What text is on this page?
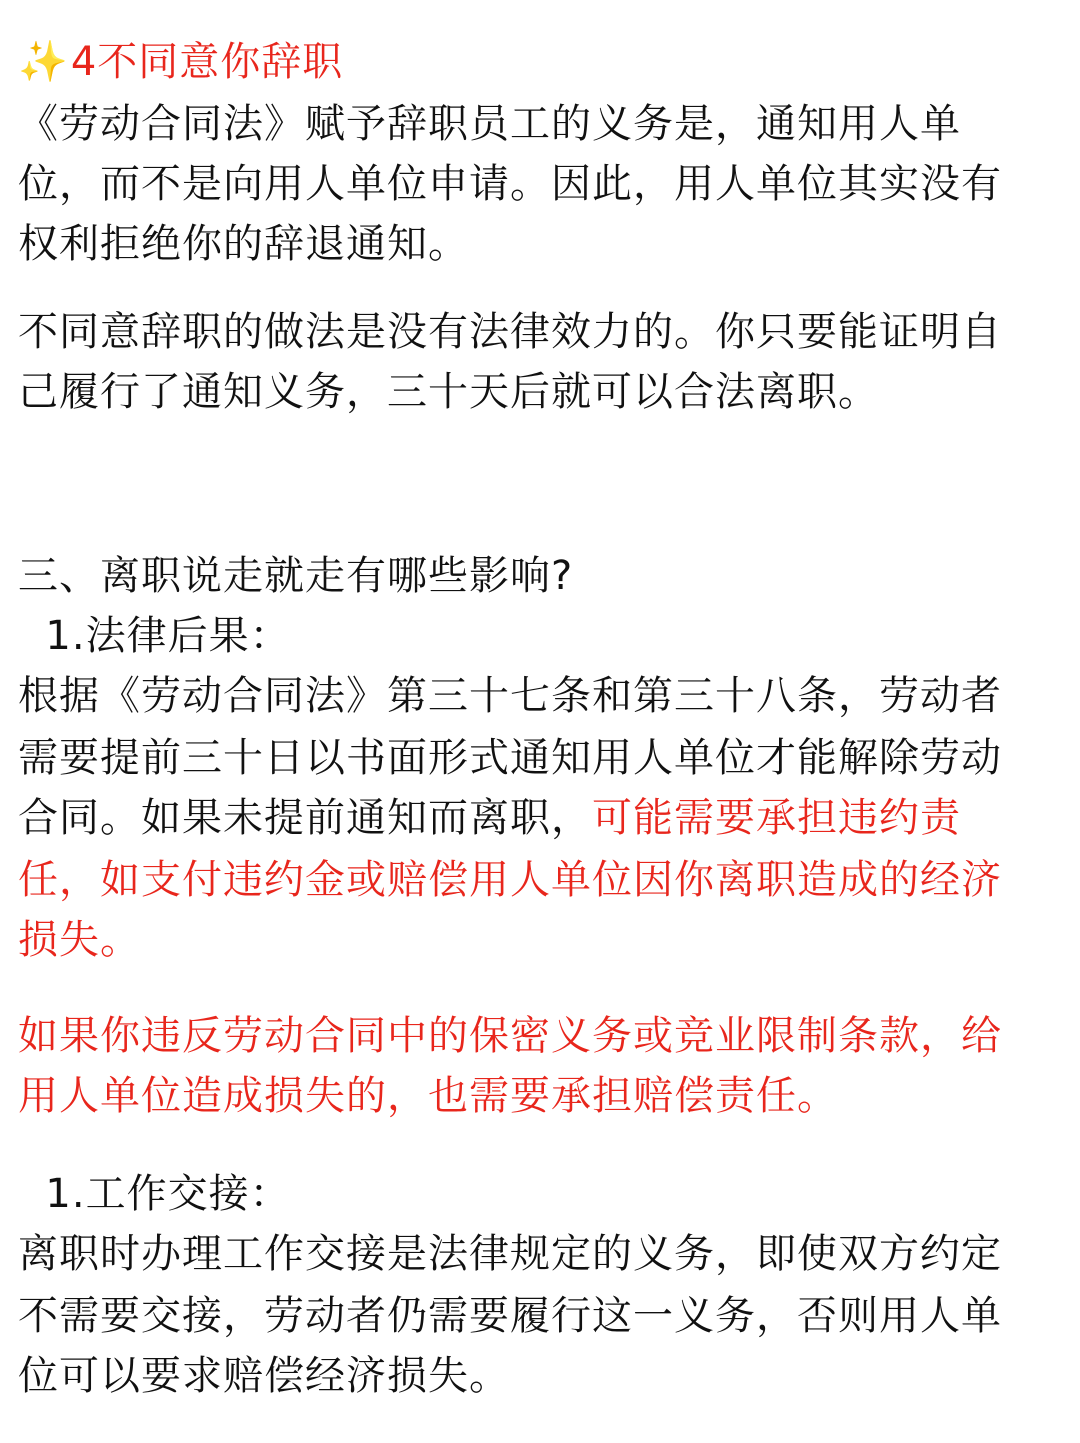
✨4不同意你辞职
《劳动合同法》赋予辞职员工的义务是，通知用人单
位，而不是向用人单位申请。因此，用人单位其实没有
权利拒绝你的辞退通知。
不同意辞职的做法是没有法律效力的。你只要能证明自
己履行了通知义务，三十天后就可以合法离职。
三、离职说走就走有哪些影响?
1.法律后果：
根据《劳动合同法》第三十七条和第三十八条，劳动者
需要提前三十日以书面形式通知用人单位才能解除劳动
合同。如果未提前通知而离职，可能需要承担违约责
任，如支付违约金或赔偿用人单位因你离职造成的经济
损失。
如果你违反劳动合同中的保密义务或竞业限制条款，给
用人单位造成损失的，也需要承担赔偿责任。
1.工作交接：
离职时办理工作交接是法律规定的义务，即使双方约定
不需要交接，劳动者仍需要履行这一义务，否则用人单
位可以要求赔偿经济损失。
